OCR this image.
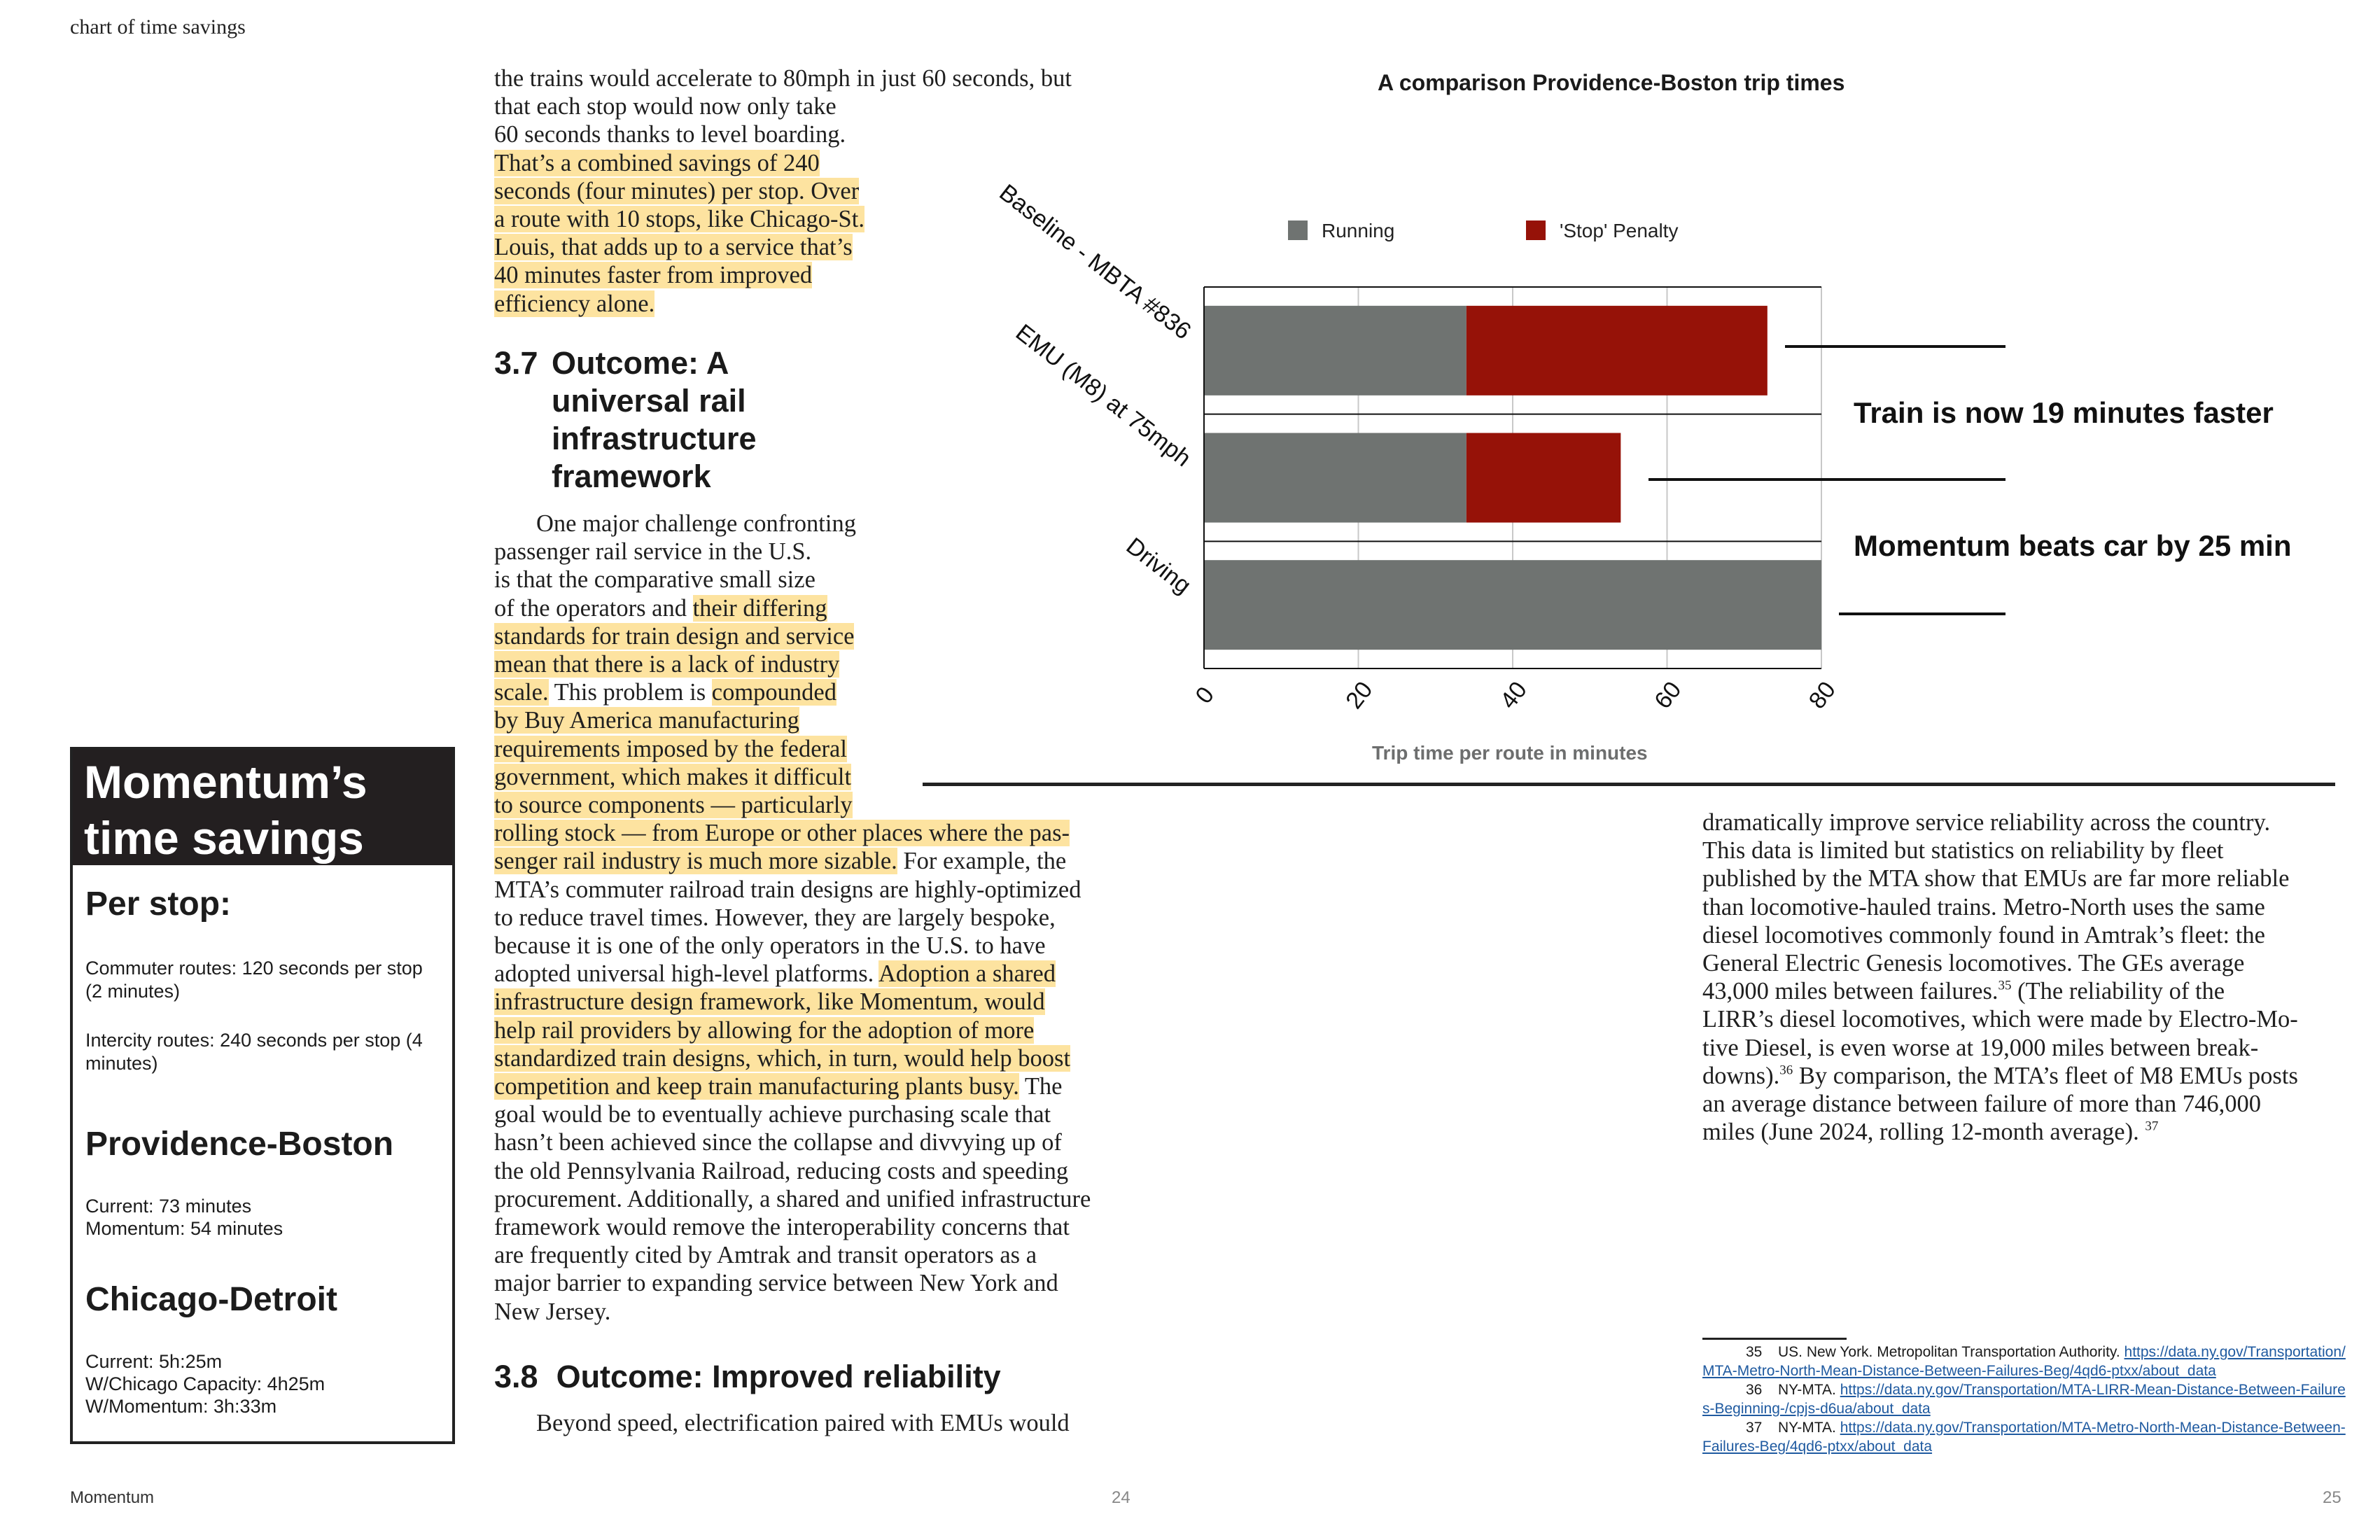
chart of time savings
the trains would accelerate to 80mph in just 60 seconds, but
that each stop would now only take
60 seconds thanks to level boarding.
That’s a combined savings of 240
seconds (four minutes) per stop. Over
a route with 10 stops, like Chicago-St.
Louis, that adds up to a service that’s
40 minutes faster from improved
efficiency alone.
3.7 Outcome: A universal rail infrastructure framework
One major challenge confronting
passenger rail service in the U.S.
is that the comparative small size
of the operators and their differing
standards for train design and service
mean that there is a lack of industry
scale. This problem is compounded
by Buy America manufacturing
requirements imposed by the federal
government, which makes it difficult
to source components — particularly
rolling stock — from Europe or other places where the pas-
senger rail industry is much more sizable. For example, the
MTA’s commuter railroad train designs are highly-optimized
to reduce travel times. However, they are largely bespoke,
because it is one of the only operators in the U.S. to have
adopted universal high-level platforms. Adoption a shared
infrastructure design framework, like Momentum, would
help rail providers by allowing for the adoption of more
standardized train designs, which, in turn, would help boost
competition and keep train manufacturing plants busy. The
goal would be to eventually achieve purchasing scale that
hasn’t been achieved since the collapse and divvying up of
the old Pennsylvania Railroad, reducing costs and speeding
procurement. Additionally, a shared and unified infrastructure
framework would remove the interoperability concerns that
are frequently cited by Amtrak and transit operators as a
major barrier to expanding service between New York and
New Jersey.
3.8 Outcome: Improved reliability
Beyond speed, electrification paired with EMUs would
Momentum’s
time savings
Per stop:
Commuter routes: 120 seconds per stop (2 minutes)
Intercity routes: 240 seconds per stop (4 minutes)
Providence-Boston
Current: 73 minutes
Momentum: 54 minutes
Chicago-Detroit
Current: 5h:25m
W/Chicago Capacity: 4h25m
W/Momentum: 3h:33m
A comparison Providence-Boston trip times
Running	'Stop' Penalty
Baseline - MBTA #836
EMU (M8) at 75mph
Driving
0	20	40	60	80
Trip time per route in minutes
Train is now 19 minutes faster
Momentum beats car by 25 min
dramatically improve service reliability across the country.
This data is limited but statistics on reliability by fleet
published by the MTA show that EMUs are far more reliable
than locomotive-hauled trains. Metro-North uses the same
diesel locomotives commonly found in Amtrak’s fleet: the
General Electric Genesis locomotives. The GEs average
43,000 miles between failures.$^{35}$ (The reliability of the
LIRR’s diesel locomotives, which were made by Electro-Mo-
tive Diesel, is even worse at 19,000 miles between break-
downs).$^{36}$ By comparison, the MTA’s fleet of M8 EMUs posts
an average distance between failure of more than 746,000
miles (June 2024, rolling 12-month average). $^{37}$
35 US. New York. Metropolitan Transportation Authority. https://data.ny.gov/Transportation/MTA-Metro-North-Mean-Distance-Between-Failures-Beg/4qd6-ptxx/about_data
36 NY-MTA. https://data.ny.gov/Transportation/MTA-LIRR-Mean-Distance-Between-Failures-Beginning-/cpjs-d6ua/about_data
37 NY-MTA. https://data.ny.gov/Transportation/MTA-Metro-North-Mean-Distance-Between-Failures-Beg/4qd6-ptxx/about_data
Momentum	24	25
